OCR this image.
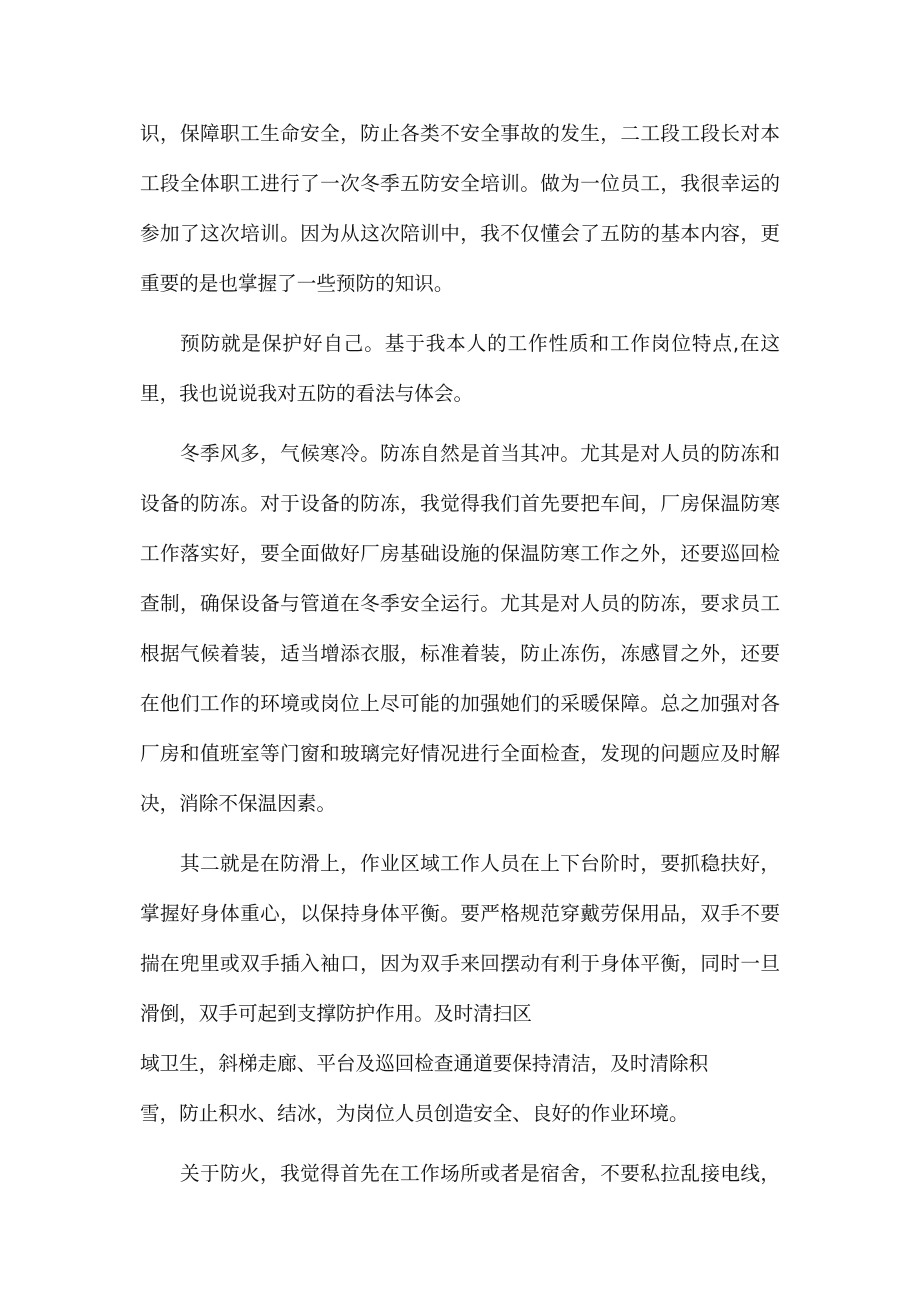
识，保障职工生命安全，防止各类不安全事故的发生，二工段工段长对本
工段全体职工进行了一次冬季五防安全培训。做为一位员工，我很幸运的
参加了这次培训。因为从这次陪训中，我不仅懂会了五防的基本内容，更
重要的是也掌握了一些预防的知识。
预防就是保护好自己。基于我本人的工作性质和工作岗位特点,在这
里，我也说说我对五防的看法与体会。
冬季风多，气候寒冷。防冻自然是首当其冲。尤其是对人员的防冻和
设备的防冻。对于设备的防冻，我觉得我们首先要把车间，厂房保温防寒
工作落实好，要全面做好厂房基础设施的保温防寒工作之外，还要巡回检
查制，确保设备与管道在冬季安全运行。尤其是对人员的防冻，要求员工
根据气候着装，适当增添衣服，标准着装，防止冻伤，冻感冒之外，还要
在他们工作的环境或岗位上尽可能的加强她们的采暖保障。总之加强对各
厂房和值班室等门窗和玻璃完好情况进行全面检查，发现的问题应及时解
决，消除不保温因素。
其二就是在防滑上，作业区域工作人员在上下台阶时，要抓稳扶好，
掌握好身体重心，以保持身体平衡。要严格规范穿戴劳保用品，双手不要
揣在兜里或双手插入袖口，因为双手来回摆动有利于身体平衡，同时一旦
滑倒，双手可起到支撑防护作用。及时清扫区
域卫生，斜梯走廊、平台及巡回检查通道要保持清洁，及时清除积
雪，防止积水、结冰，为岗位人员创造安全、良好的作业环境。
关于防火，我觉得首先在工作场所或者是宿舍，不要私拉乱接电线，
